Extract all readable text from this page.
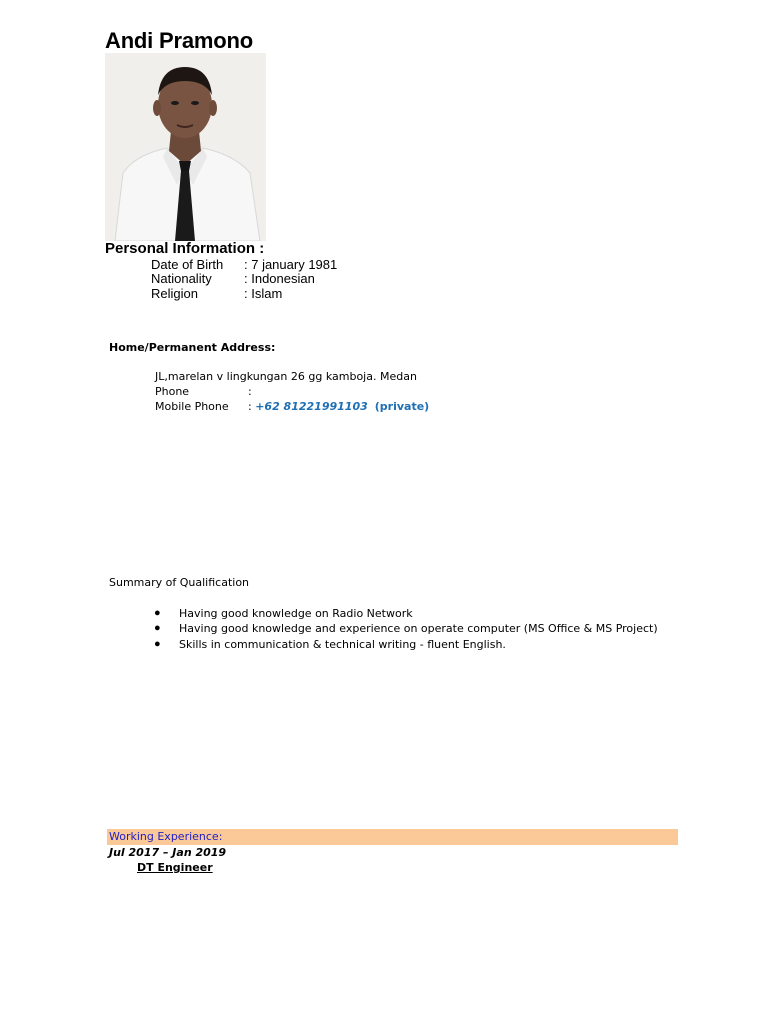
Andi Pramono
Personal Information :
Date of Birth : 7 january 1981
Nationality : Indonesian
Religion	: Islam
Home/Permanent Address:
JL,marelan v lingkungan 26 gg kamboja. Medan
Phone	:
Mobile Phone : +62 81221991103 (private)
Summary of Qualification
● Having good knowledge on Radio Network
● Having good knowledge and experience on operate computer (MS Office & MS Project)
● Skills in communication & technical writing - fluent English.
Working Experience:
Jul 2017 – Jan 2019
DT Engineer
